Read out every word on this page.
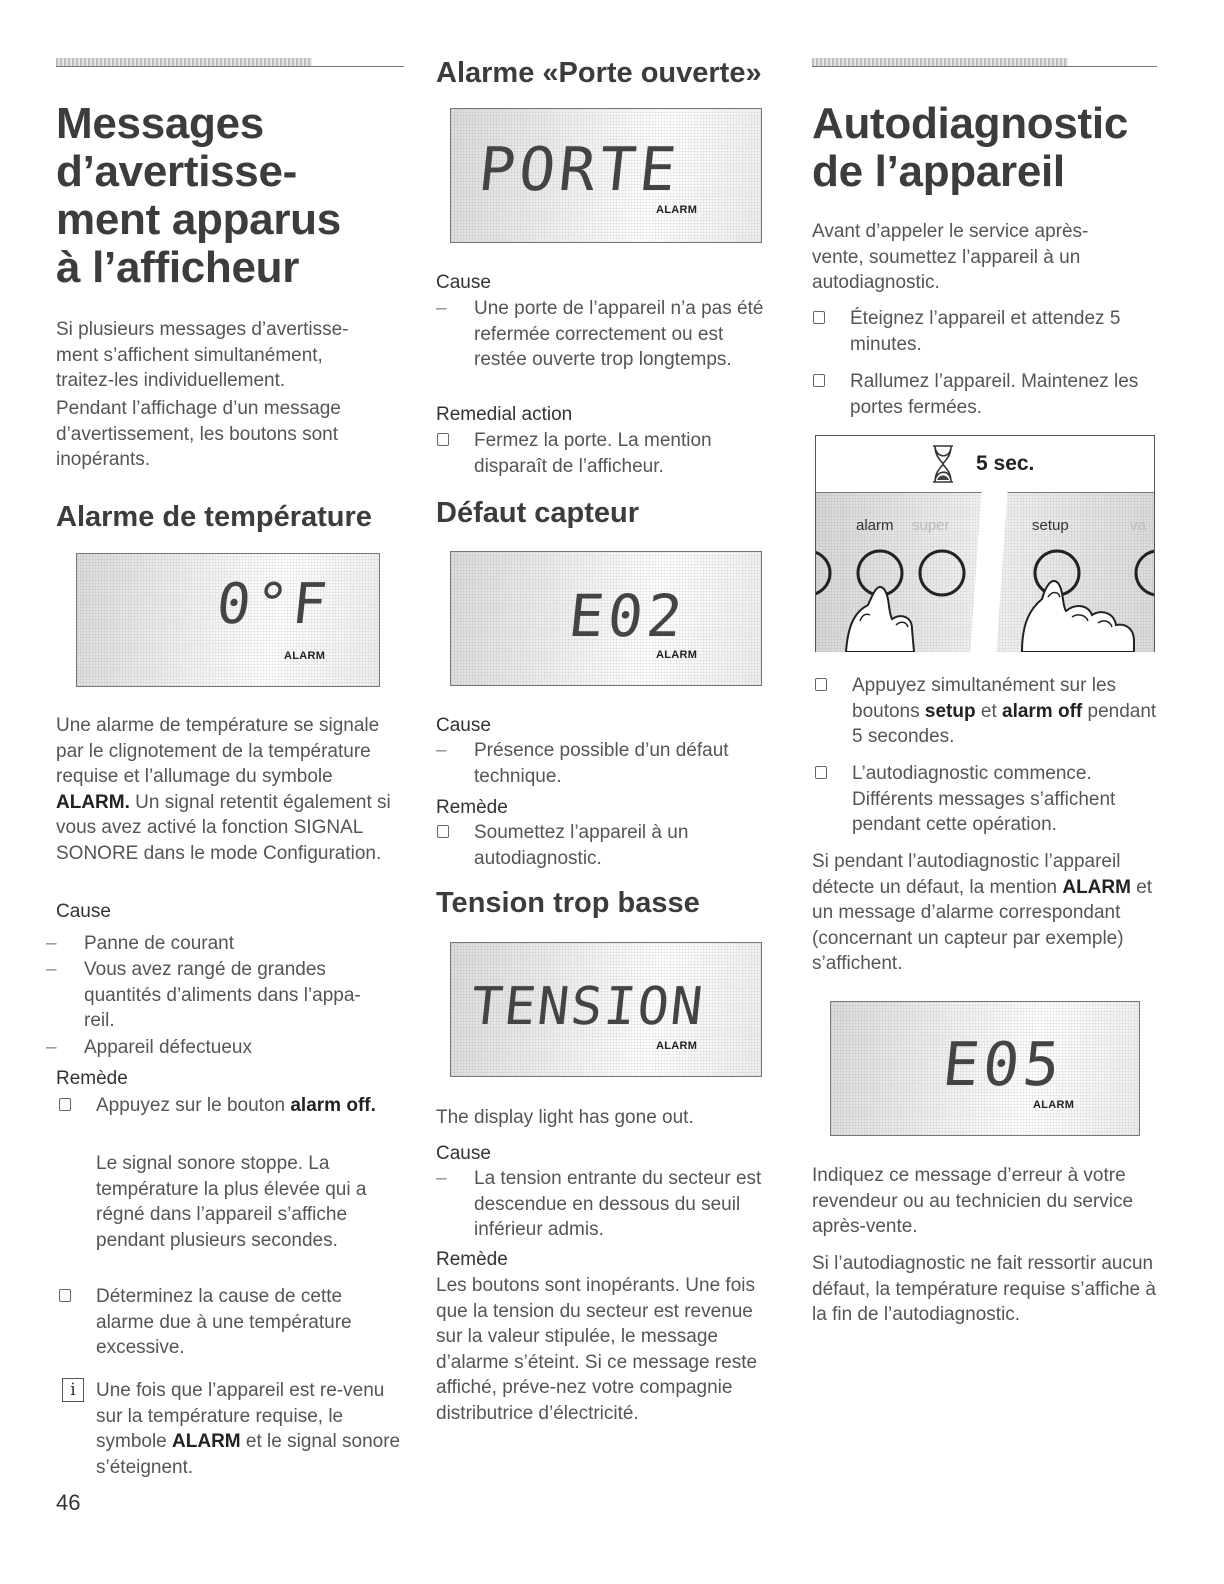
Messages
d’avertisse-
ment apparus
à l’afficheur

Si plusieurs messages d’avertisse-ment s’affichent simultanément, traitez-les individuellement.

Pendant l’affichage d’un message d’avertissement, les boutons sont inopérants.

Alarme de température
0°F
ALARM

Une alarme de température se signale par le clignotement de la température requise et l’allumage du symbole ALARM. Un signal retentit également si vous avez activé la fonction SIGNAL SONORE dans le mode Configuration.

Cause

– Panne de courant

– Vous avez rangé de grandes quantités d’aliments dans l’appa-reil.

– Appareil défectueux

Remède

Appuyez sur le bouton alarm off.

Le signal sonore stoppe. La température la plus élevée qui a régné dans l’appareil s’affiche pendant plusieurs secondes.

Déterminez la cause de cette alarme due à une température excessive.

i	Une fois que l’appareil est re-venu sur la température requise, le symbole ALARM et le signal sonore s’éteignent.

46
Alarme «Porte ouverte»
PORTE
ALARM

Cause

– Une porte de l’appareil n’a pas été refermée correctement ou est restée ouverte trop longtemps.

Remedial action

Fermez la porte. La mention disparaît de l’afficheur.

Défaut capteur
E02
ALARM

Cause

– Présence possible d’un défaut technique.

Remède

Soumettez l’appareil à un autodiagnostic.

Tension trop basse
TENSION
ALARM

The display light has gone out.

Cause

– La tension entrante du secteur est descendue en dessous du seuil inférieur admis.

Remède

Les boutons sont inopérants. Une fois que la tension du secteur est revenue sur la valeur stipulée, le message d’alarme s’éteint. Si ce message reste affiché, préve-nez votre compagnie distributrice d’électricité.

Autodiagnostic
de l’appareil

Avant d’appeler le service après-vente, soumettez l’appareil à un autodiagnostic.

Éteignez l’appareil et attendez 5 minutes.

Rallumez l’appareil. Maintenez les portes fermées.

5 sec.
alarm super	setup	va

Appuyez simultanément sur les boutons setup et alarm off pendant 5 secondes.

L’autodiagnostic commence. Différents messages s’affichent pendant cette opération.

Si pendant l’autodiagnostic l’appareil détecte un défaut, la mention ALARM et un message d’alarme correspondant (concernant un capteur par exemple) s’affichent.

E05
ALARM

Indiquez ce message d’erreur à votre revendeur ou au technicien du service après-vente.

Si l’autodiagnostic ne fait ressortir aucun défaut, la température requise s’affiche à la fin de l’autodiagnostic.
